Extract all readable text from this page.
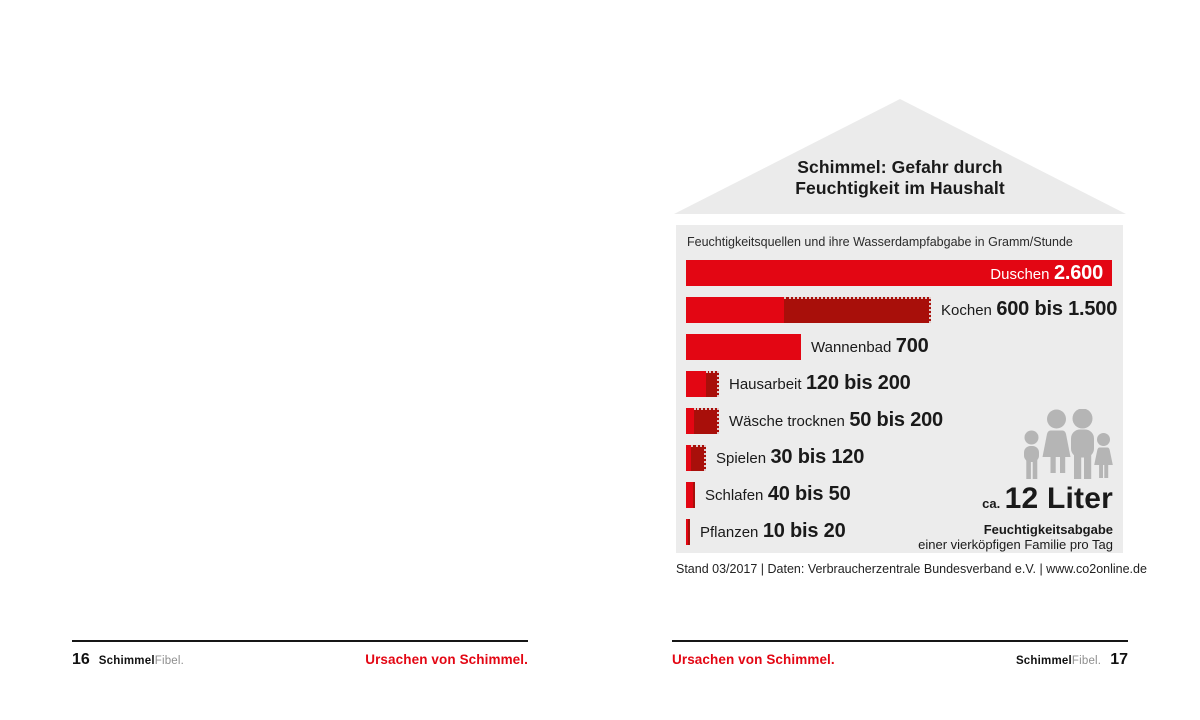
Schimmel: Gefahr durch
Feuchtigkeit im Haushalt
Feuchtigkeitsquellen und ihre Wasserdampfabgabe in Gramm/Stunde
Duschen 2.600
Kochen 600 bis 1.500
Wannenbad 700
Hausarbeit 120 bis 200
Wäsche trocknen 50 bis 200
Spielen 30 bis 120
Schlafen 40 bis 50
Pflanzen 10 bis 20
ca. 12 Liter
Feuchtigkeitsabgabe
einer vierköpfigen Familie pro Tag
Stand 03/2017 | Daten: Verbraucherzentrale Bundesverband e.V. | www.co2online.de
16 SchimmelFibel.	Ursachen von Schimmel.	Ursachen von Schimmel.	SchimmelFibel. 17
